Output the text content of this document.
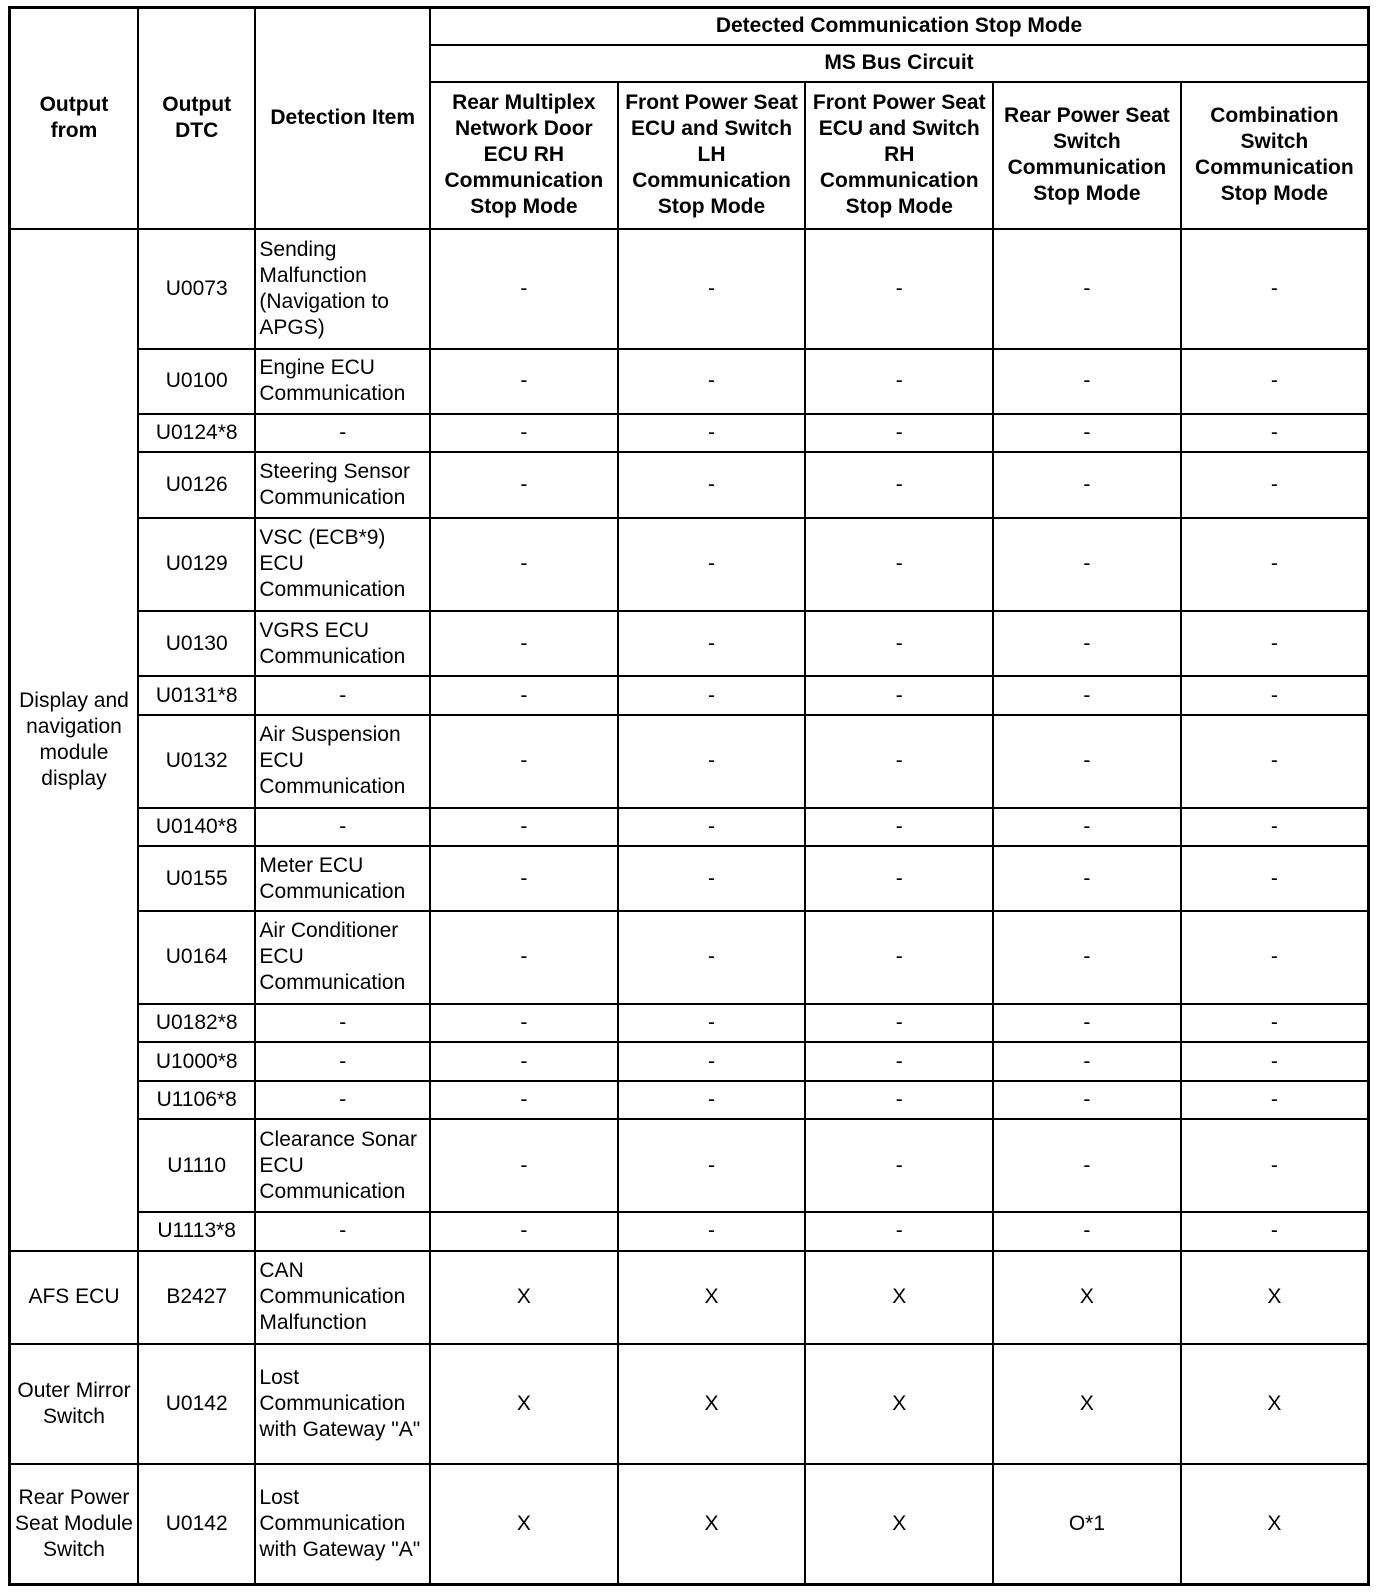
Output from	Output DTC	Detection Item	Detected Communication Stop Mode				
			MS Bus Circuit				
			Rear Multiplex Network Door ECU RH Communication Stop Mode	Front Power Seat ECU and Switch LH Communication Stop Mode	Front Power Seat ECU and Switch RH Communication Stop Mode	Rear Power Seat Switch Communication Stop Mode	Combination Switch Communication Stop Mode
Display and navigation module display	U0073	Sending Malfunction (Navigation to APGS)	-	-	-	-	-
	U0100	Engine ECU Communication	-	-	-	-	-
	U0124*8	-	-	-	-	-	-
	U0126	Steering Sensor Communication	-	-	-	-	-
	U0129	VSC (ECB*9) ECU Communication	-	-	-	-	-
	U0130	VGRS ECU Communication	-	-	-	-	-
	U0131*8	-	-	-	-	-	-
	U0132	Air Suspension ECU Communication	-	-	-	-	-
	U0140*8	-	-	-	-	-	-
	U0155	Meter ECU Communication	-	-	-	-	-
	U0164	Air Conditioner ECU Communication	-	-	-	-	-
	U0182*8	-	-	-	-	-	-
	U1000*8	-	-	-	-	-	-
	U1106*8	-	-	-	-	-	-
	U1110	Clearance Sonar ECU Communication	-	-	-	-	-
	U1113*8	-	-	-	-	-	-
AFS ECU	B2427	CAN Communication Malfunction	X	X	X	X	X
Outer Mirror Switch	U0142	Lost Communication with Gateway "A"	X	X	X	X	X
Rear Power Seat Module Switch	U0142	Lost Communication with Gateway "A"	X	X	X	O*1	X
